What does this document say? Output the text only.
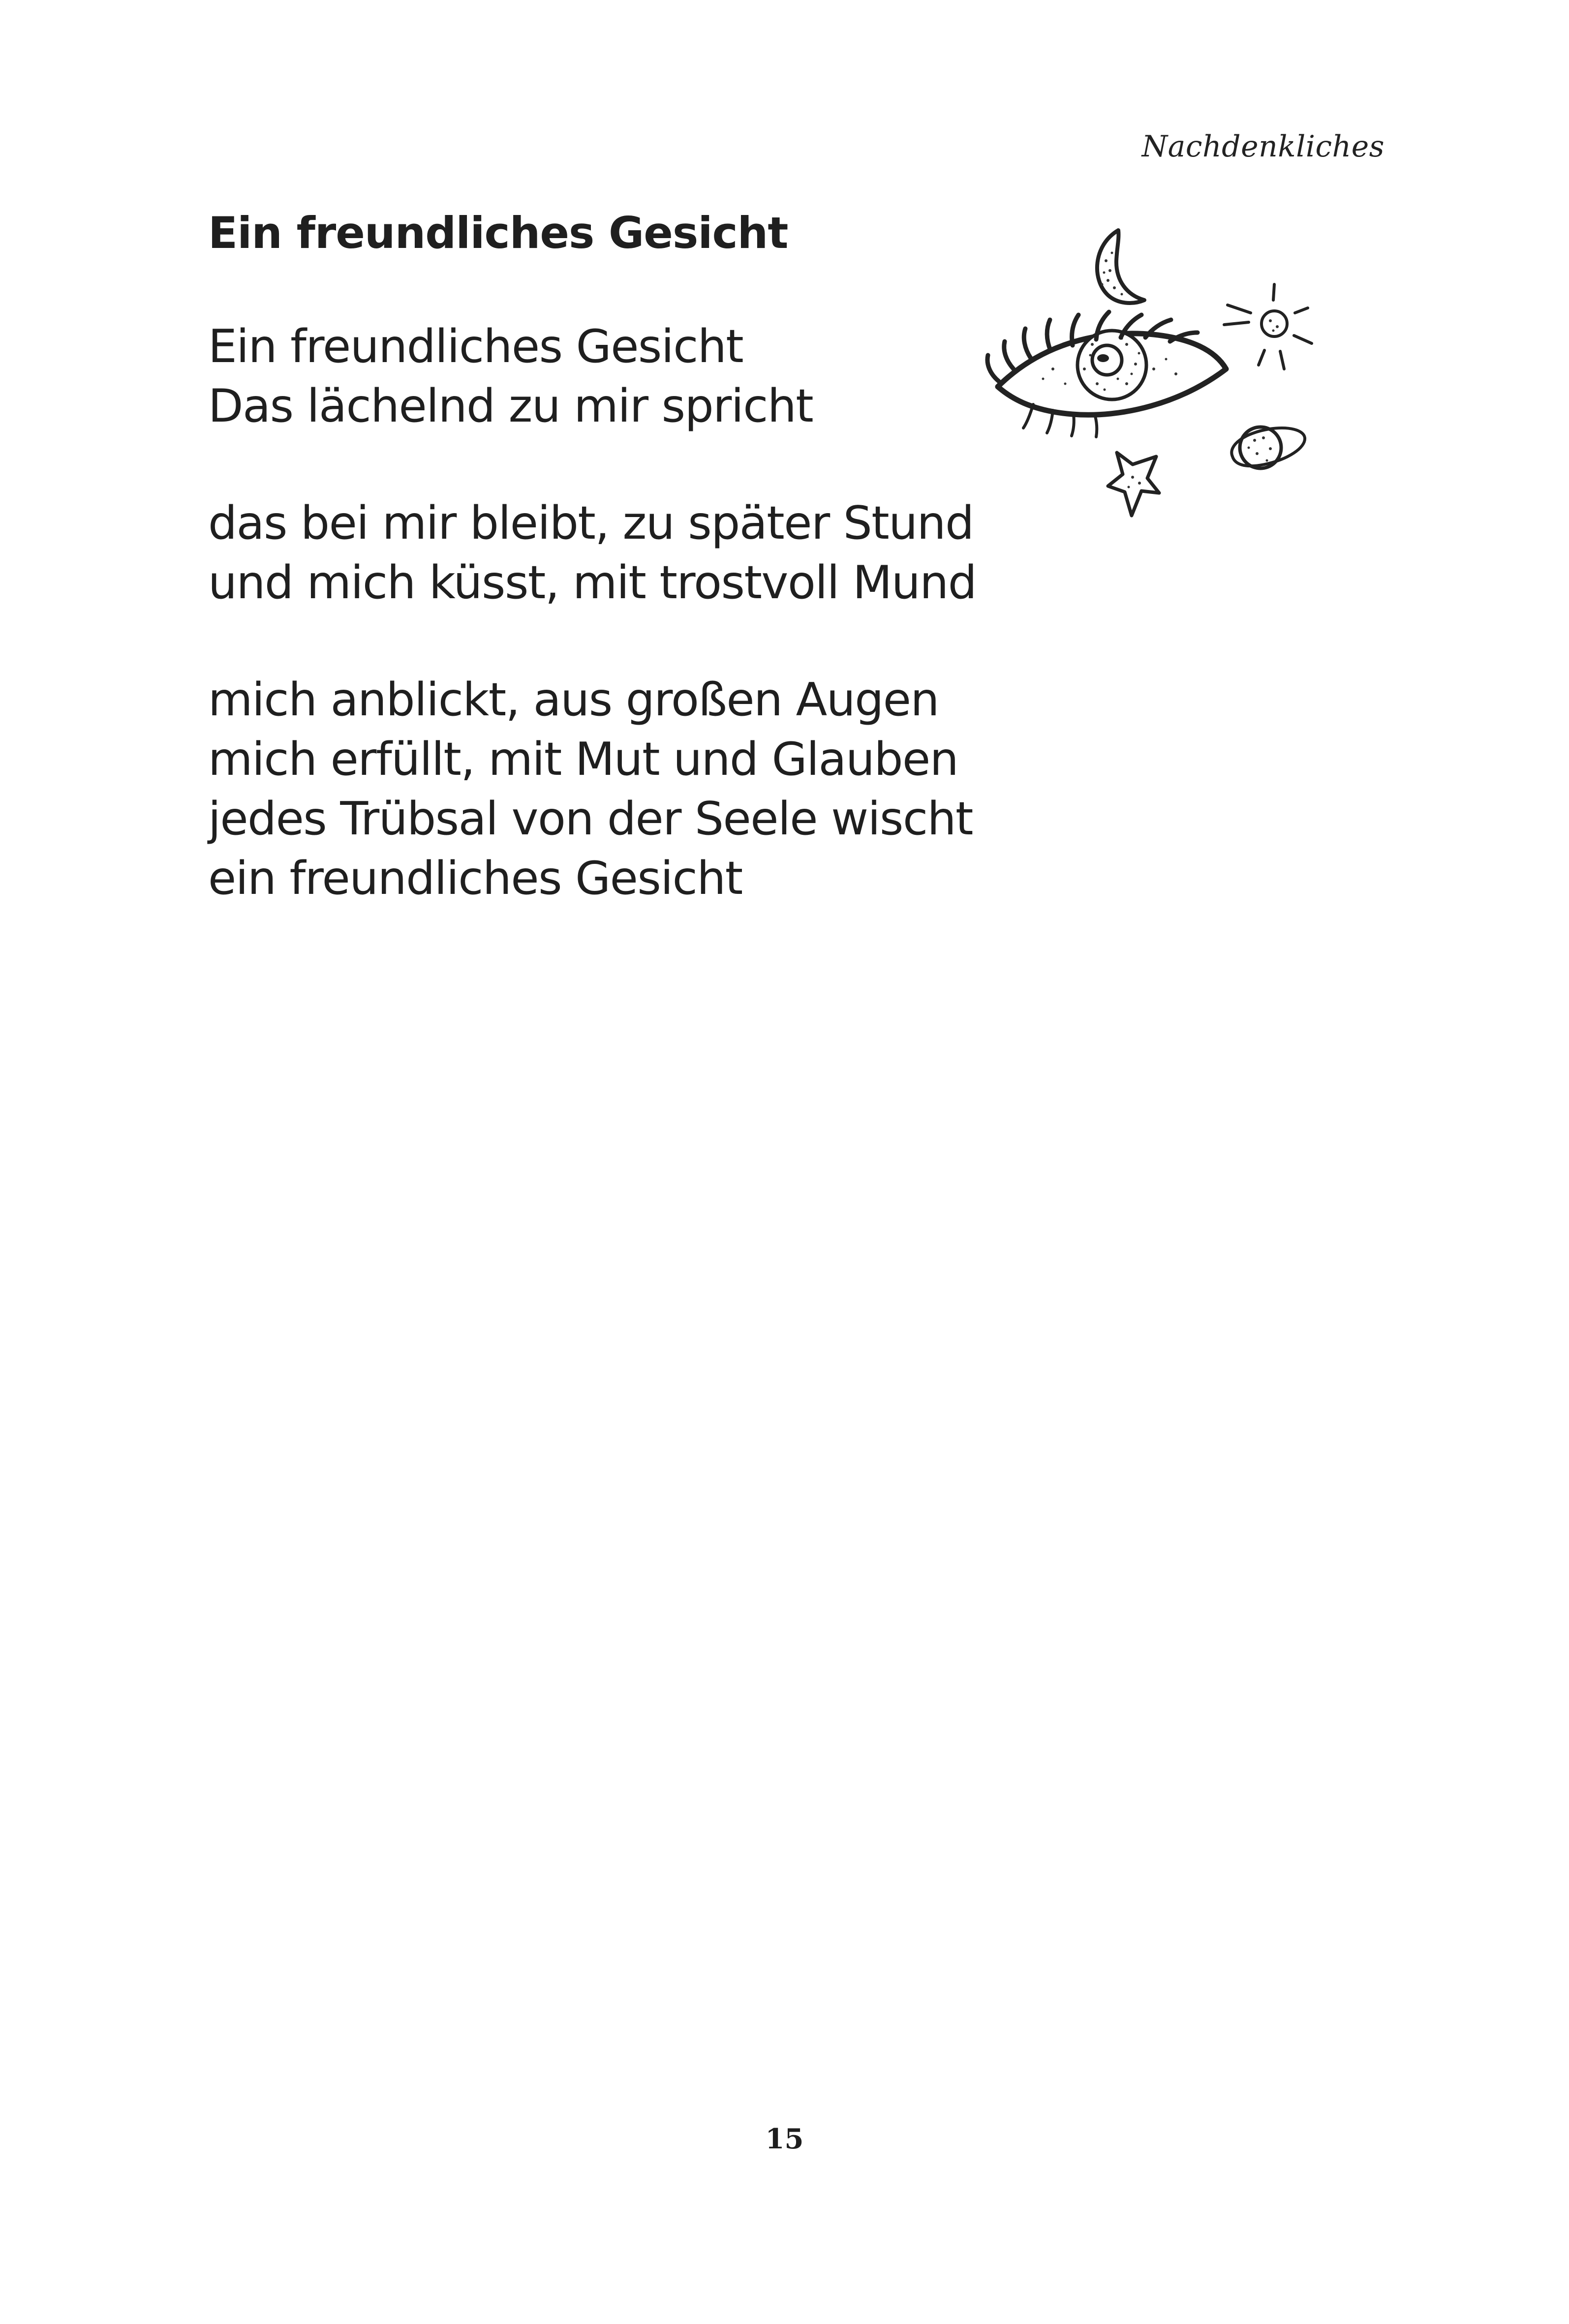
Nachdenkliches
Ein freundliches Gesicht

Ein freundliches Gesicht
Das lächelnd zu mir spricht

das bei mir bleibt, zu später Stund
und mich küsst, mit trostvoll Mund

mich anblickt, aus großen Augen
mich erfüllt, mit Mut und Glauben
jedes Trübsal von der Seele wischt
ein freundliches Gesicht

15
